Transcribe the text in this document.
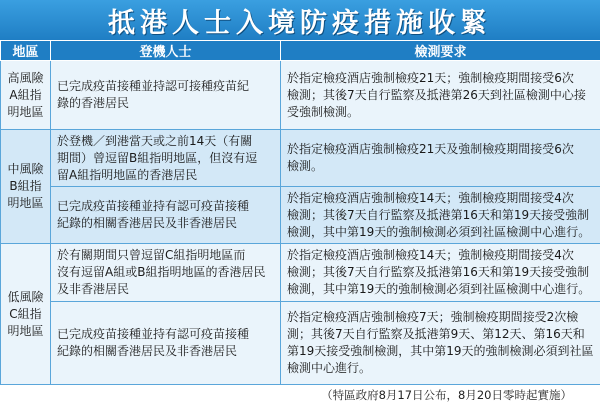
抵港人士入境防疫措施收緊
地區	登機人士	檢測要求

高風險
A組指
明地區	已完成疫苗接種並持認可接種疫苗紀
錄的香港居民	於指定檢疫酒店強制檢疫21天；強制檢疫期間接受6次
檢測；其後7天自行監察及抵港第26天到社區檢測中心接
受強制檢測。

中風險
B組指
明地區	於登機／到港當天或之前14天（有關
期間）曾逗留B組指明地區，但沒有逗
留A組指明地區的香港居民	於指定檢疫酒店強制檢疫21天及強制檢疫期間接受6次
檢測。

	已完成疫苗接種並持有認可疫苗接種
紀錄的相關香港居民及非香港居民	於指定檢疫酒店強制檢疫14天；強制檢疫期間接受4次
檢測；其後7天自行監察及抵港第16天和第19天接受強制
檢測，其中第19天的強制檢測必須到社區檢測中心進行。

低風險
C組指
明地區	於有關期間只曾逗留C組指明地區而
沒有逗留A組或B組指明地區的香港居民
及非香港居民	於指定檢疫酒店強制檢疫14天；強制檢疫期間接受4次
檢測；其後7天自行監察及抵港第16天和第19天接受強制
檢測，其中第19天的強制檢測必須到社區檢測中心進行。

	已完成疫苗接種並持有認可疫苗接種
紀錄的相關香港居民及非香港居民	於指定檢疫酒店強制檢疫7天；強制檢疫期間接受2次檢
測；其後7天自行監察及抵港第9天、第12天、第16天和
第19天接受強制檢測，其中第19天的強制檢測必須到社區
檢測中心進行。
（特區政府8月17日公布，8月20日零時起實施）
